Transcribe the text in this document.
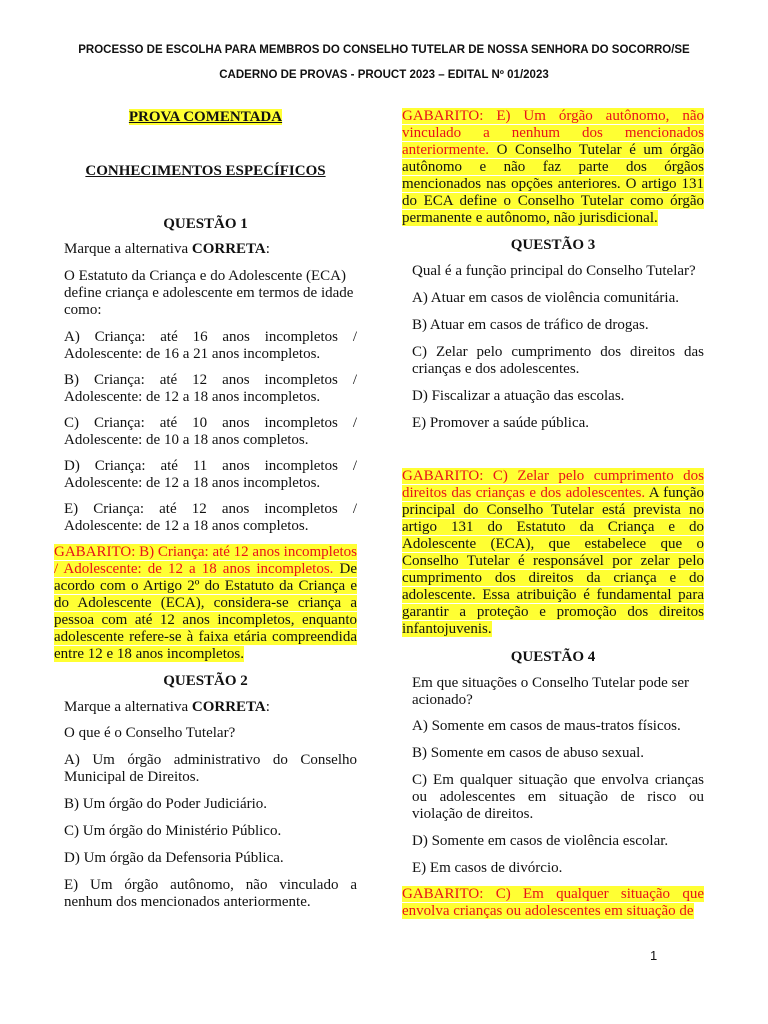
PROCESSO DE ESCOLHA PARA MEMBROS DO CONSELHO TUTELAR DE NOSSA SENHORA DO SOCORRO/SE
CADERNO DE PROVAS - PROUCT 2023 – EDITAL Nº 01/2023

PROVA COMENTADA

CONHECIMENTOS ESPECÍFICOS

QUESTÃO 1

Marque a alternativa CORRETA:

O Estatuto da Criança e do Adolescente (ECA) define criança e adolescente em termos de idade como:

A) Criança: até 16 anos incompletos / Adolescente: de 16 a 21 anos incompletos.

B) Criança: até 12 anos incompletos / Adolescente: de 12 a 18 anos incompletos.

C) Criança: até 10 anos incompletos / Adolescente: de 10 a 18 anos completos.

D) Criança: até 11 anos incompletos / Adolescente: de 12 a 18 anos incompletos.

E) Criança: até 12 anos incompletos / Adolescente: de 12 a 18 anos completos.

GABARITO: B) Criança: até 12 anos incompletos / Adolescente: de 12 a 18 anos incompletos. De acordo com o Artigo 2º do Estatuto da Criança e do Adolescente (ECA), considera-se criança a pessoa com até 12 anos incompletos, enquanto adolescente refere-se à faixa etária compreendida entre 12 e 18 anos incompletos.

QUESTÃO 2

Marque a alternativa CORRETA:

O que é o Conselho Tutelar?

A) Um órgão administrativo do Conselho Municipal de Direitos.

B) Um órgão do Poder Judiciário.

C) Um órgão do Ministério Público.

D) Um órgão da Defensoria Pública.

E) Um órgão autônomo, não vinculado a nenhum dos mencionados anteriormente.

GABARITO: E) Um órgão autônomo, não vinculado a nenhum dos mencionados anteriormente. O Conselho Tutelar é um órgão autônomo e não faz parte dos órgãos mencionados nas opções anteriores. O artigo 131 do ECA define o Conselho Tutelar como órgão permanente e autônomo, não jurisdicional.

QUESTÃO 3

Qual é a função principal do Conselho Tutelar?

A) Atuar em casos de violência comunitária.

B) Atuar em casos de tráfico de drogas.

C) Zelar pelo cumprimento dos direitos das crianças e dos adolescentes.

D) Fiscalizar a atuação das escolas.

E) Promover a saúde pública.

GABARITO: C) Zelar pelo cumprimento dos direitos das crianças e dos adolescentes. A função principal do Conselho Tutelar está prevista no artigo 131 do Estatuto da Criança e do Adolescente (ECA), que estabelece que o Conselho Tutelar é responsável por zelar pelo cumprimento dos direitos da criança e do adolescente. Essa atribuição é fundamental para garantir a proteção e promoção dos direitos infantojuvenis.

QUESTÃO 4

Em que situações o Conselho Tutelar pode ser acionado?

A) Somente em casos de maus-tratos físicos.

B) Somente em casos de abuso sexual.

C) Em qualquer situação que envolva crianças ou adolescentes em situação de risco ou violação de direitos.

D) Somente em casos de violência escolar.

E) Em casos de divórcio.

GABARITO: C) Em qualquer situação que envolva crianças ou adolescentes em situação de

1
